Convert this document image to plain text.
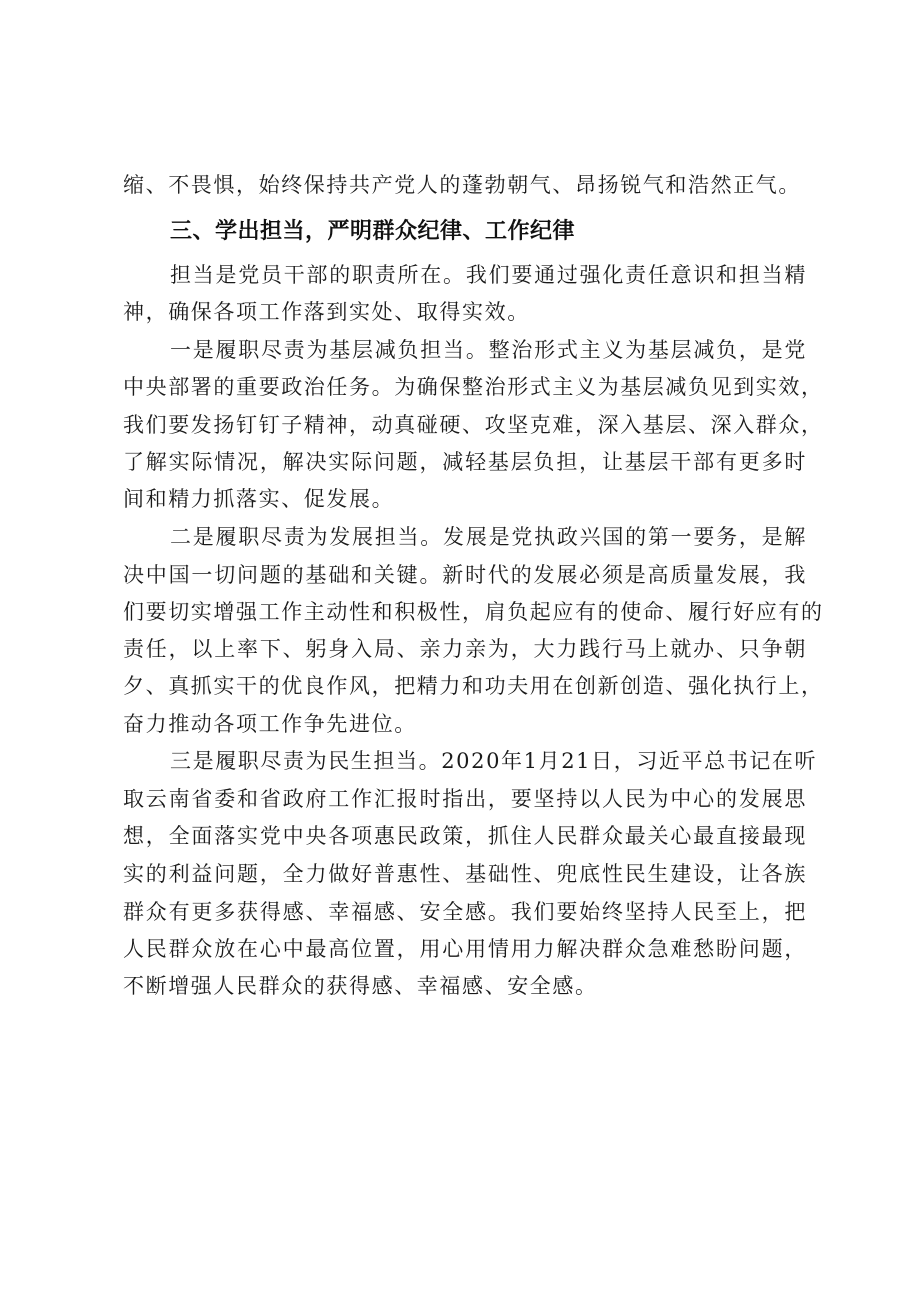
缩、不畏惧，始终保持共产党人的蓬勃朝气、昂扬锐气和浩然正气。
三、学出担当，严明群众纪律、工作纪律
担当是党员干部的职责所在。我们要通过强化责任意识和担当精
神，确保各项工作落到实处、取得实效。
一是履职尽责为基层减负担当。整治形式主义为基层减负，是党
中央部署的重要政治任务。为确保整治形式主义为基层减负见到实效，
我们要发扬钉钉子精神，动真碰硬、攻坚克难，深入基层、深入群众，
了解实际情况，解决实际问题，减轻基层负担，让基层干部有更多时
间和精力抓落实、促发展。
二是履职尽责为发展担当。发展是党执政兴国的第一要务，是解
决中国一切问题的基础和关键。新时代的发展必须是高质量发展，我
们要切实增强工作主动性和积极性，肩负起应有的使命、履行好应有的
责任，以上率下、躬身入局、亲力亲为，大力践行马上就办、只争朝
夕、真抓实干的优良作风，把精力和功夫用在创新创造、强化执行上，
奋力推动各项工作争先进位。
三是履职尽责为民生担当。2020年1月21日，习近平总书记在听
取云南省委和省政府工作汇报时指出，要坚持以人民为中心的发展思
想，全面落实党中央各项惠民政策，抓住人民群众最关心最直接最现
实的利益问题，全力做好普惠性、基础性、兜底性民生建设，让各族
群众有更多获得感、幸福感、安全感。我们要始终坚持人民至上，把
人民群众放在心中最高位置，用心用情用力解决群众急难愁盼问题，
不断增强人民群众的获得感、幸福感、安全感。
